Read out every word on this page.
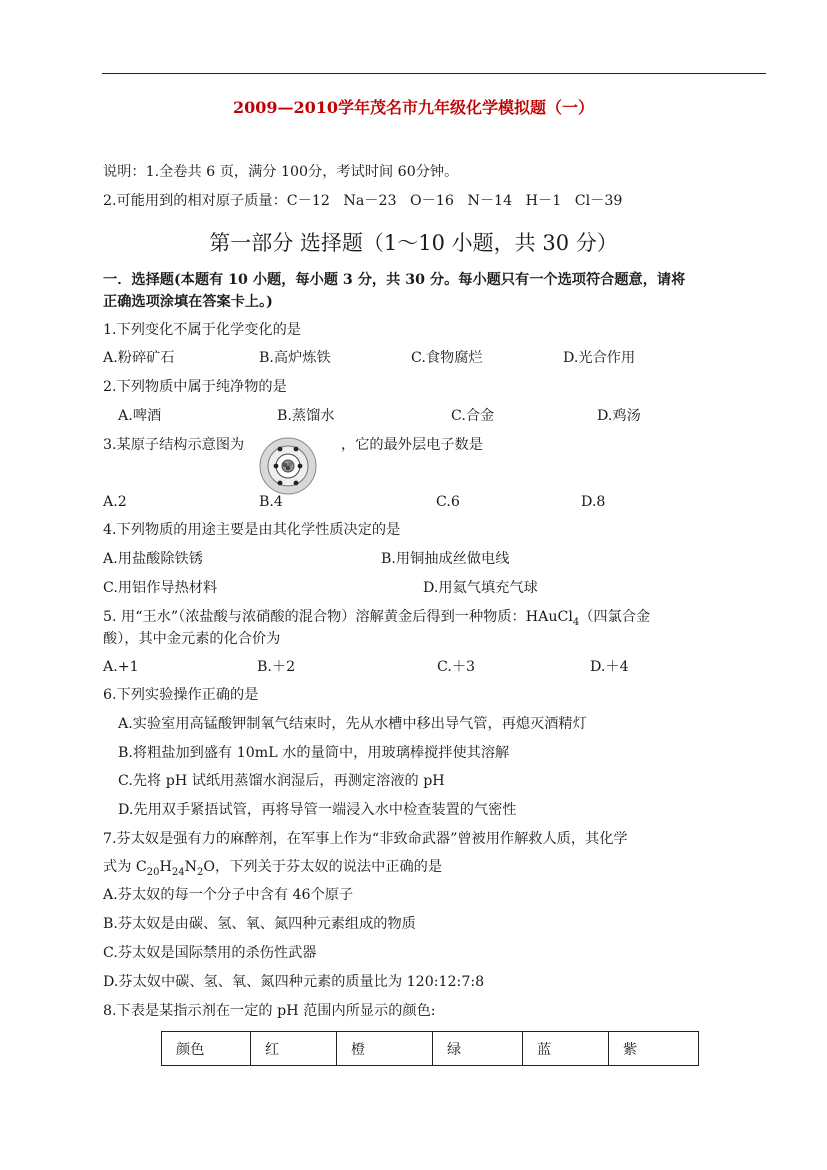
2009—2010学年茂名市九年级化学模拟题（一）
说明：1.全卷共 6 页，满分 100分，考试时间 60分钟。
2.可能用到的相对原子质量：C－12   Na－23   O－16   N－14   H－1   Cl－39
第一部分 选择题（1～10 小题，共 30 分）
一．选择题(本题有 10 小题，每小题 3 分，共 30 分。每小题只有一个选项符合题意，请将
正确选项涂填在答案卡上。)
1.下列变化不属于化学变化的是
A.粉碎矿石	B.高炉炼铁	C.食物腐烂	D.光合作用
2.下列物质中属于纯净物的是
A.啤酒	B.蒸馏水	C.合金	D.鸡汤
3.某原子结构示意图为	，它的最外层电子数是
A.2	B.4	C.6	D.8
4.下列物质的用途主要是由其化学性质决定的是
A.用盐酸除铁锈	B.用铜抽成丝做电线
C.用铝作导热材料	D.用氦气填充气球
5. 用“王水”（浓盐酸与浓硝酸的混合物）溶解黄金后得到一种物质：HAuCl$_4$（四氯合金
酸），其中金元素的化合价为
A.+1	B.＋2	C.＋3	D.＋4
6.下列实验操作正确的是
A.实验室用高锰酸钾制氧气结束时，先从水槽中移出导气管，再熄灭酒精灯
B.将粗盐加到盛有 10mL 水的量筒中，用玻璃棒搅拌使其溶解
C.先将 pH 试纸用蒸馏水润湿后，再测定溶液的 pH
D.先用双手紧捂试管，再将导管一端浸入水中检查装置的气密性
7.芬太奴是强有力的麻醉剂，在军事上作为“非致命武器”曾被用作解救人质，其化学
式为 $C_{20}H_{24}N_2O$，下列关于芬太奴的说法中正确的是
A.芬太奴的每一个分子中含有 46个原子
B.芬太奴是由碳、氢、氧、氮四种元素组成的物质
C.芬太奴是国际禁用的杀伤性武器
D.芬太奴中碳、氢、氧、氮四种元素的质量比为 120:12:7:8
8.下表是某指示剂在一定的 pH 范围内所显示的颜色:
颜色	红	橙	绿	蓝	紫
